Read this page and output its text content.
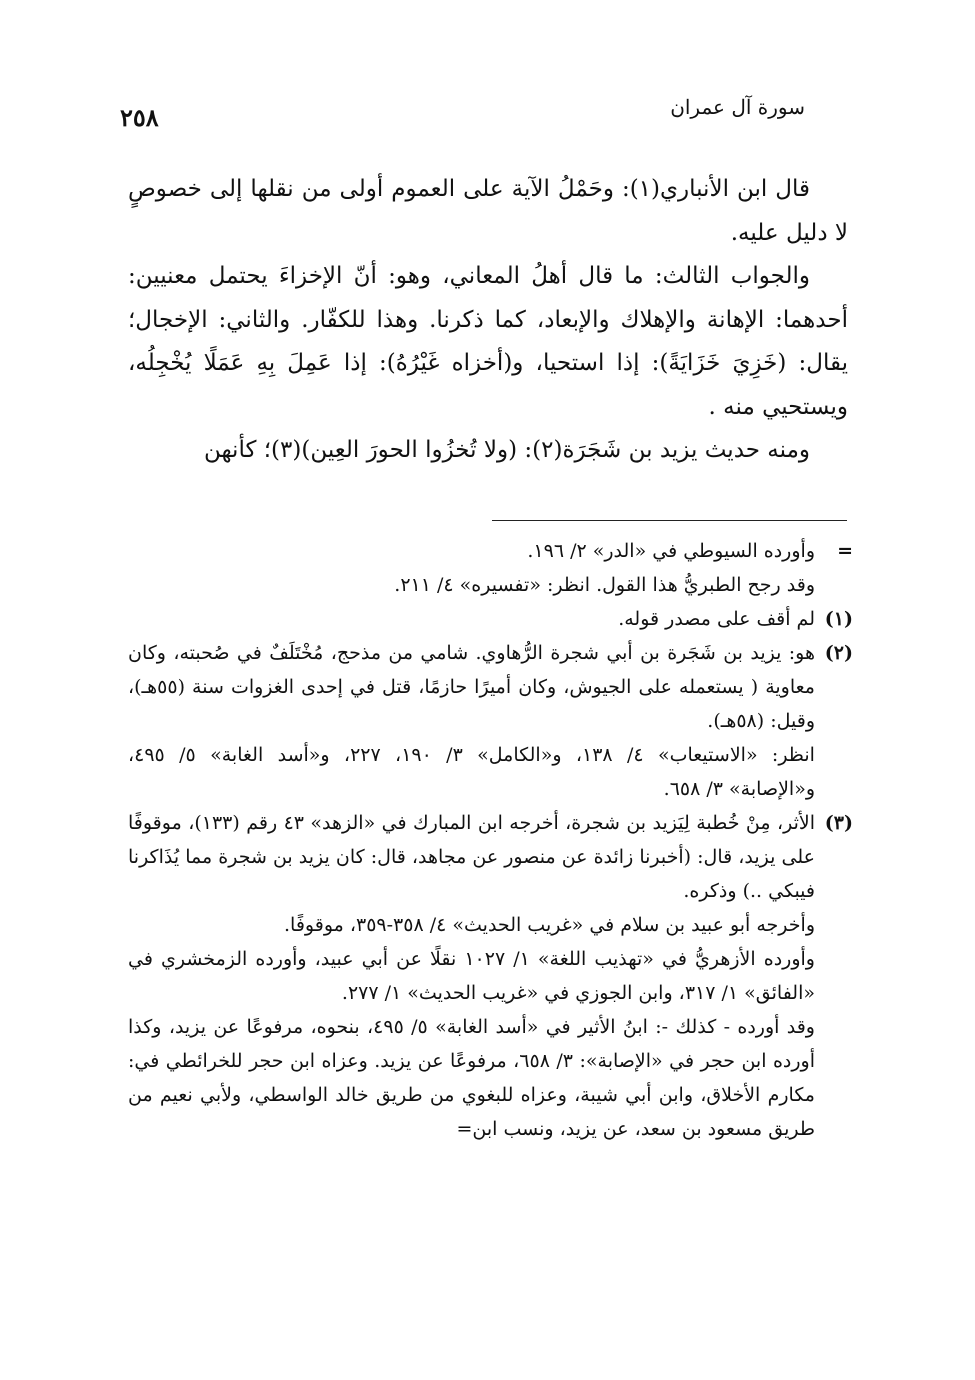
سورة آل عمران
٢٥٨

قال ابن الأنباري(١): وحَمْلُ الآية على العموم أولى من نقلها إلى خصوصٍ لا دليل عليه.

والجواب الثالث: ما قال أهلُ المعاني، وهو: أنّ الإخزاءَ يحتمل معنيين: أحدهما: الإهانة والإهلاك والإبعاد، كما ذكرنا. وهذا للكفّار. والثاني: الإخجال؛ يقال: (خَزِيَ خَزَايَةً): إذا استحيا، و(أخزاه غَيْرُهُ): إذا عَمِلَ بِهِ عَمَلًا يُخْجِلُه، ويستحيي منه .

ومنه حديث يزيد بن شَجَرَة(٢): (ولا تُخزُوا الحورَ العِين)(٣)؛ كأنهن

=

وأورده السيوطي في «الدر» ٢/ ١٩٦.

وقد رجح الطبريُّ هذا القول. انظر: «تفسيره» ٤/ ٢١١.

(١)

لم أقف على مصدر قوله.

(٢)

هو: يزيد بن شَجَرة بن أبي شجرة الرُّهاوي. شامي من مذحج، مُخْتَلَفٌ في صُحبته، وكان معاوية ( يستعمله على الجيوش، وكان أميرًا حازمًا، قتل في إحدى الغزوات سنة (٥٥هـ)، وقيل: (٥٨هـ).

انظر: «الاستيعاب» ٤/ ١٣٨، و«الكامل» ٣/ ١٩٠، ٢٢٧، و«أسد الغابة» ٥/ ٤٩٥، و«الإصابة» ٣/ ٦٥٨.

(٣)

الأثر، مِنْ خُطبة لِيَزيد بن شجرة، أخرجه ابن المبارك في «الزهد» ٤٣ رقم (١٣٣)، موقوفًا على يزيد، قال: (أخبرنا زائدة عن منصور عن مجاهد، قال: كان يزيد بن شجرة مما يُذَاكرنا فيبكي ..) وذكره.

وأخرجه أبو عبيد بن سلام في «غريب الحديث» ٤/ ٣٥٨-٣٥٩، موقوفًا.

وأورده الأزهريُّ في «تهذيب اللغة» ١/ ١٠٢٧ نقلًا عن أبي عبيد، وأورده الزمخشري في «الفائق» ١/ ٣١٧، وابن الجوزي في «غريب الحديث» ١/ ٢٧٧.

وقد أورده - كذلك -: ابنُ الأثير في «أسد الغابة» ٥/ ٤٩٥، بنحوه، مرفوعًا عن يزيد، وكذا أورده ابن حجر في «الإصابة»: ٣/ ٦٥٨، مرفوعًا عن يزيد. وعزاه ابن حجر للخرائطي في: مكارم الأخلاق، وابن أبي شيبة، وعزاه للبغوي من طريق خالد الواسطي، ولأبي نعيم من طريق مسعود بن سعد، عن يزيد، ونسب ابن=
